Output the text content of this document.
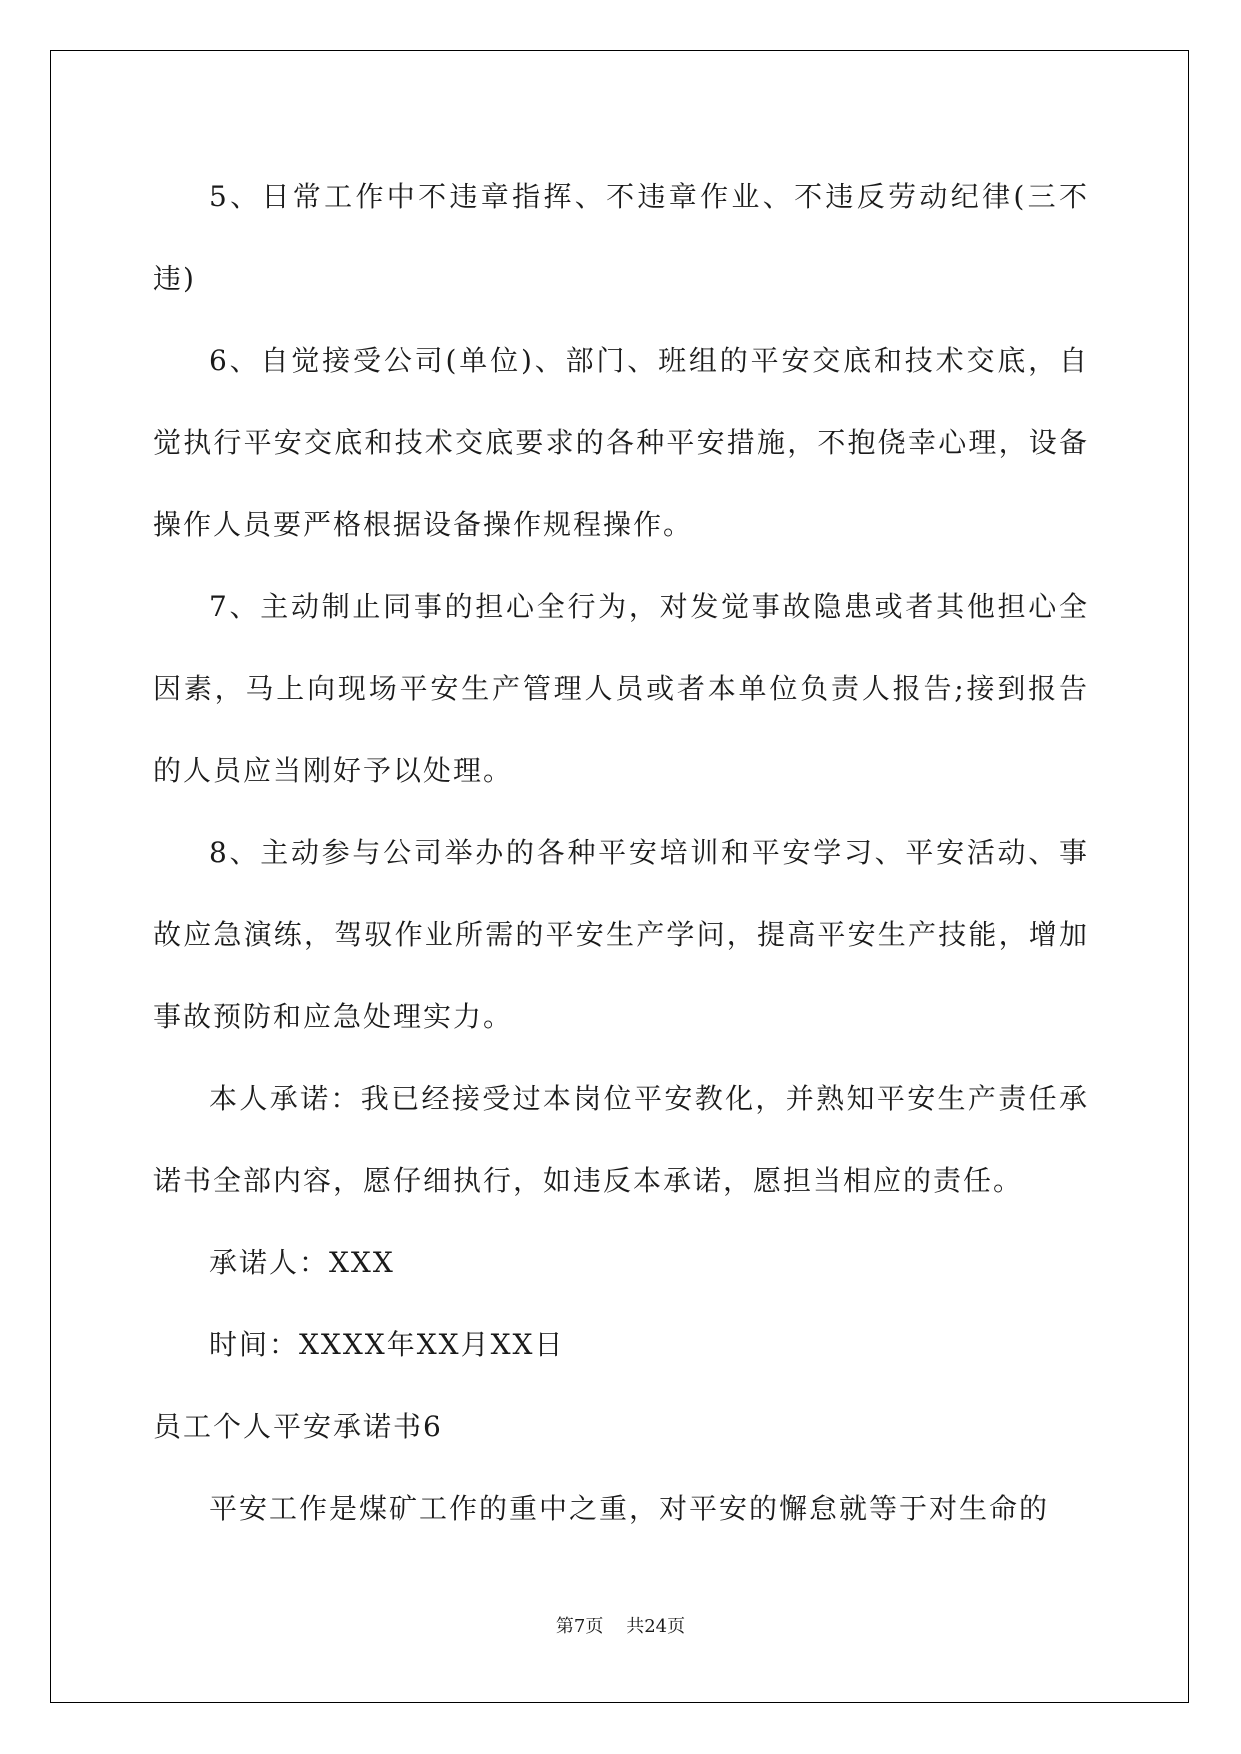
5、日常工作中不违章指挥、不违章作业、不违反劳动纪律(三不违)

6、自觉接受公司(单位)、部门、班组的平安交底和技术交底，自觉执行平安交底和技术交底要求的各种平安措施，不抱侥幸心理，设备操作人员要严格根据设备操作规程操作。

7、主动制止同事的担心全行为，对发觉事故隐患或者其他担心全因素，马上向现场平安生产管理人员或者本单位负责人报告;接到报告的人员应当刚好予以处理。

8、主动参与公司举办的各种平安培训和平安学习、平安活动、事故应急演练，驾驭作业所需的平安生产学问，提高平安生产技能，增加事故预防和应急处理实力。

本人承诺：我已经接受过本岗位平安教化，并熟知平安生产责任承诺书全部内容，愿仔细执行，如违反本承诺，愿担当相应的责任。

承诺人：XXX

时间：XXXX年XX月XX日

员工个人平安承诺书6

平安工作是煤矿工作的重中之重，对平安的懈怠就等于对生命的

第7页 共24页
